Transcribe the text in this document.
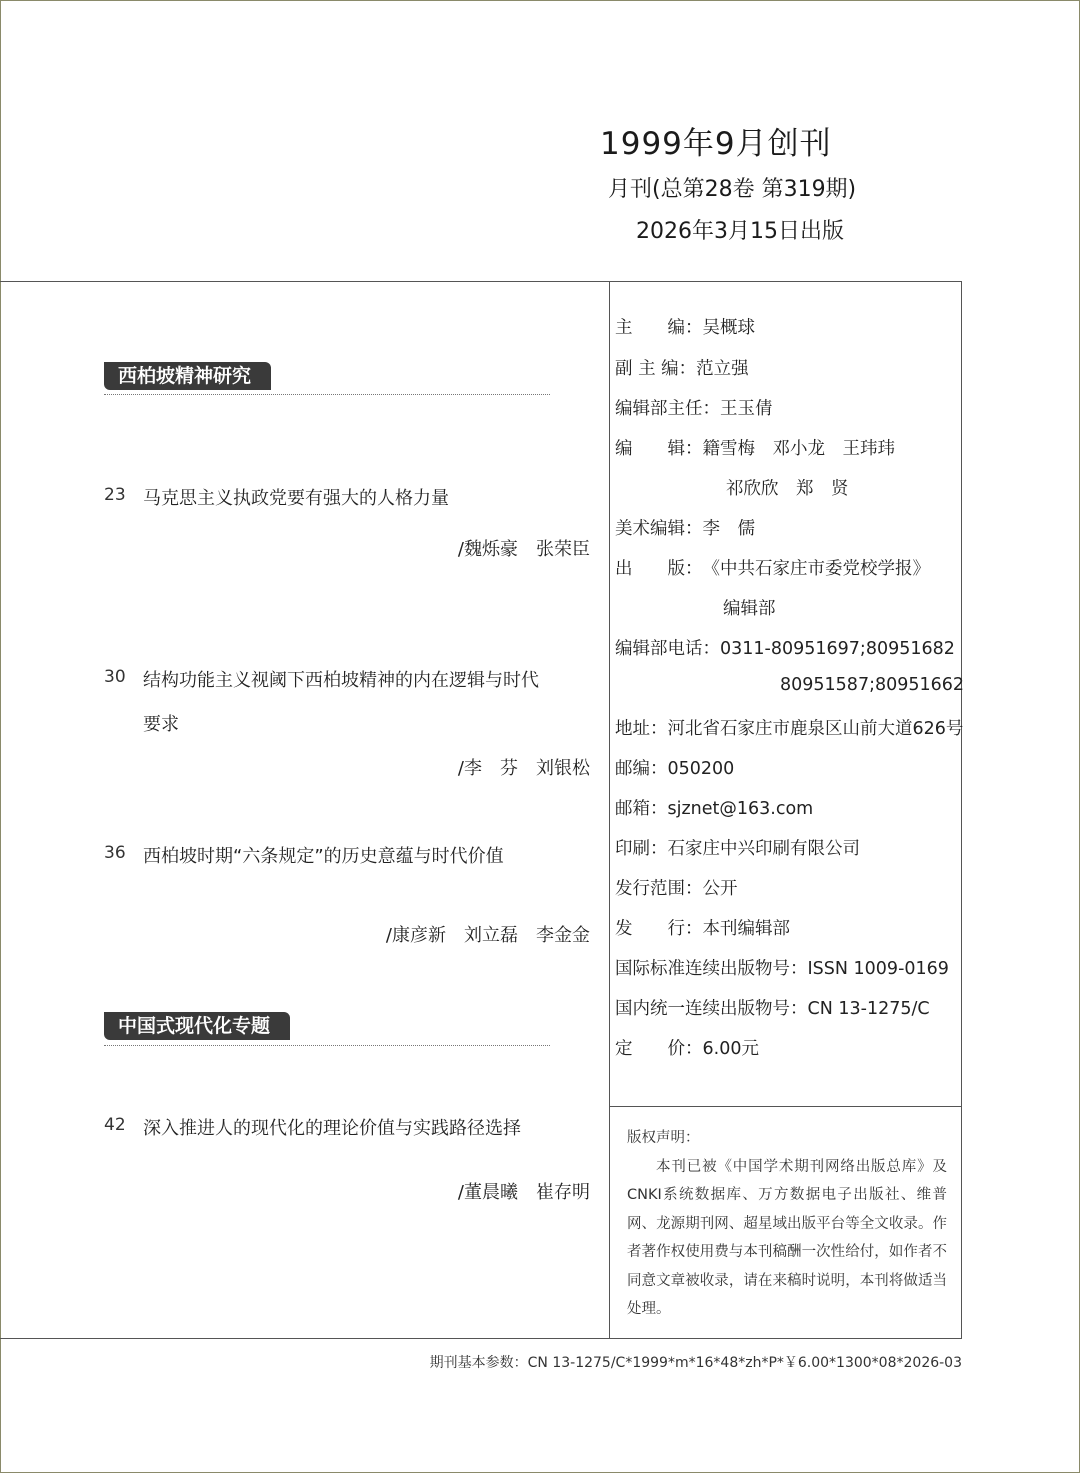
1999年9月创刊
月刊(总第28卷 第319期)
2026年3月15日出版
西柏坡精神研究
23 马克思主义执政党要有强大的人格力量
/魏烁豪　张荣臣
30 结构功能主义视阈下西柏坡精神的内在逻辑与时代
要求
/李　芬　刘银松
36 西柏坡时期“六条规定”的历史意蕴与时代价值
/康彦新　刘立磊　李金金
中国式现代化专题
42 深入推进人的现代化的理论价值与实践路径选择
/董晨曦　崔存明
主　　编：吴概球
副 主 编：范立强
编辑部主任：王玉倩
编　　辑：籍雪梅　邓小龙　王玮玮
祁欣欣　郑　贤
美术编辑：李　儒
出　　版：《中共石家庄市委党校学报》
编辑部
编辑部电话：0311-80951697;80951682
80951587;80951662
地址：河北省石家庄市鹿泉区山前大道626号
邮编：050200
邮箱：sjznet@163.com
印刷：石家庄中兴印刷有限公司
发行范围：公开
发　　行：本刊编辑部
国际标准连续出版物号：ISSN 1009-0169
国内统一连续出版物号：CN 13-1275/C
定　　价：6.00元
版权声明：
本刊已被《中国学术期刊网络出版总库》及CNKI系统数据库、万方数据电子出版社、维普网、龙源期刊网、超星域出版平台等全文收录。作者著作权使用费与本刊稿酬一次性给付，如作者不同意文章被收录，请在来稿时说明，本刊将做适当处理。
期刊基本参数：CN 13-1275/C*1999*m*16*48*zh*P*￥6.00*1300*08*2026-03
